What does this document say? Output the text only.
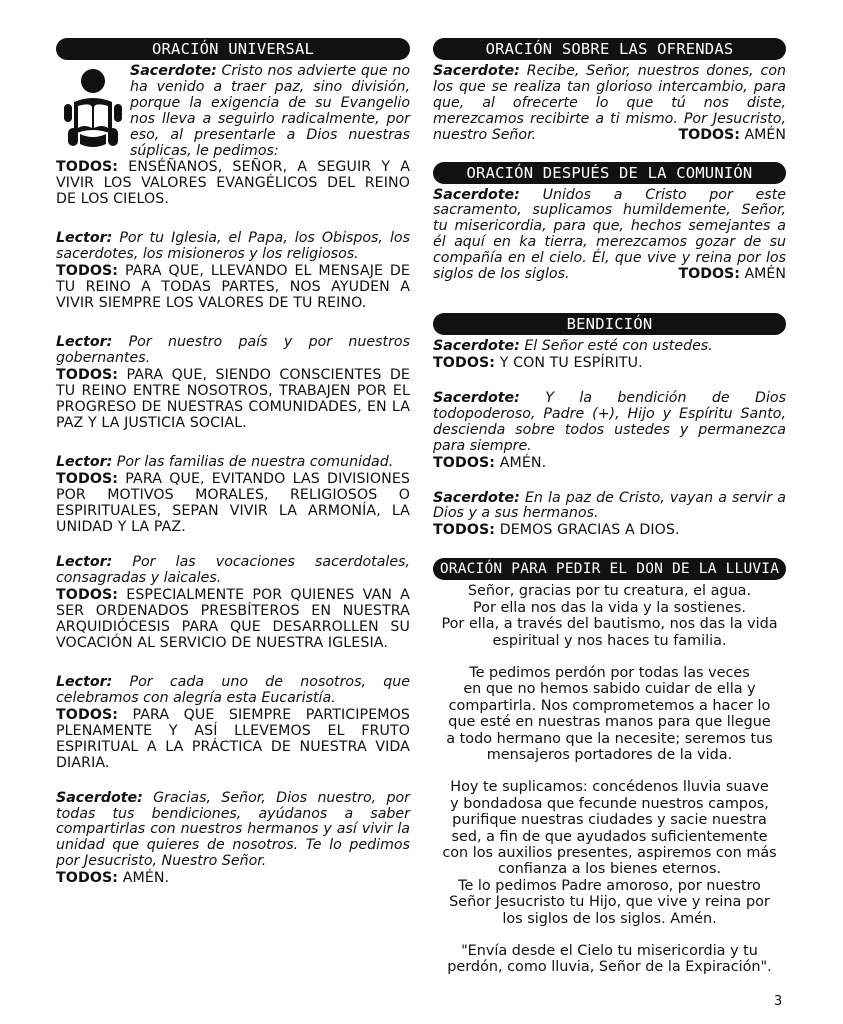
ORACIÓN UNIVERSAL

Sacerdote: Cristo nos advierte que no ha venido a traer paz, sino división, porque la exigencia de su Evangelio nos lleva a seguirlo radicalmente, por eso, al presentarle a Dios nuestras súplicas, le pedimos:

TODOS: ENSÉÑANOS, SEÑOR, A SEGUIR Y A VIVIR LOS VALORES EVANGÉLICOS DEL REINO DE LOS CIELOS.

Lector: Por tu Iglesia, el Papa, los Obispos, los sacerdotes, los misioneros y los religiosos.

TODOS: PARA QUE, LLEVANDO EL MENSAJE DE TU REINO A TODAS PARTES, NOS AYUDEN A VIVIR SIEMPRE LOS VALORES DE TU REINO.

Lector: Por nuestro país y por nuestros gobernantes.

TODOS: PARA QUE, SIENDO CONSCIENTES DE TU REINO ENTRE NOSOTROS, TRABAJEN POR EL PROGRESO DE NUESTRAS COMUNIDADES, EN LA PAZ Y LA JUSTICIA SOCIAL.

Lector: Por las familias de nuestra comunidad.

TODOS: PARA QUE, EVITANDO LAS DIVISIONES POR MOTIVOS MORALES, RELIGIOSOS O ESPIRITUALES, SEPAN VIVIR LA ARMONÍA, LA UNIDAD Y LA PAZ.

Lector: Por las vocaciones sacerdotales, consagradas y laicales.

TODOS: ESPECIALMENTE POR QUIENES VAN A SER ORDENADOS PRESBÍTEROS EN NUESTRA ARQUIDIÓCESIS PARA QUE DESARROLLEN SU VOCACIÓN AL SERVICIO DE NUESTRA IGLESIA.

Lector: Por cada uno de nosotros, que celebramos con alegría esta Eucaristía.

TODOS: PARA QUE SIEMPRE PARTICIPEMOS PLENAMENTE Y ASÍ LLEVEMOS EL FRUTO ESPIRITUAL A LA PRÁCTICA DE NUESTRA VIDA DIARIA.

Sacerdote: Gracias, Señor, Dios nuestro, por todas tus bendiciones, ayúdanos a saber compartirlas con nuestros hermanos y así vivir la unidad que quieres de nosotros. Te lo pedimos por Jesucristo, Nuestro Señor.

TODOS: AMÉN.

ORACIÓN SOBRE LAS OFRENDAS

Sacerdote: Recibe, Señor, nuestros dones, con los que se realiza tan glorioso intercambio, para que, al ofrecerte lo que tú nos diste, merezcamos recibirte a ti mismo. Por Jesucristo, nuestro Señor.	TODOS: AMÉN

ORACIÓN DESPUÉS DE LA COMUNIÓN

Sacerdote: Unidos a Cristo por este sacramento, suplicamos humildemente, Señor, tu misericordia, para que, hechos semejantes a él aquí en ka tierra, merezcamos gozar de su compañía en el cielo. Él, que vive y reina por los siglos de los siglos.	TODOS: AMÉN

BENDICIÓN

Sacerdote: El Señor esté con ustedes.

TODOS: Y CON TU ESPÍRITU.

Sacerdote: Y la bendición de Dios todopoderoso, Padre (+), Hijo y Espíritu Santo, descienda sobre todos ustedes y permanezca para siempre.

TODOS: AMÉN.

Sacerdote: En la paz de Cristo, vayan a servir a Dios y a sus hermanos.

TODOS: DEMOS GRACIAS A DIOS.

ORACIÓN PARA PEDIR EL DON DE LA LLUVIA

Señor, gracias por tu creatura, el agua.

Por ella nos das la vida y la sostienes.

Por ella, a través del bautismo, nos das la vida

espiritual y nos haces tu familia.

Te pedimos perdón por todas las veces

en que no hemos sabido cuidar de ella y

compartirla. Nos comprometemos a hacer lo

que esté en nuestras manos para que llegue

a todo hermano que la necesite; seremos tus

mensajeros portadores de la vida.

Hoy te suplicamos: concédenos lluvia suave

y bondadosa que fecunde nuestros campos,

purifique nuestras ciudades y sacie nuestra

sed, a fin de que ayudados suficientemente

con los auxilios presentes, aspiremos con más

confianza a los bienes eternos.

Te lo pedimos Padre amoroso, por nuestro

Señor Jesucristo tu Hijo, que vive y reina por

los siglos de los siglos. Amén.

"Envía desde el Cielo tu misericordia y tu

perdón, como lluvia, Señor de la Expiración".

3
